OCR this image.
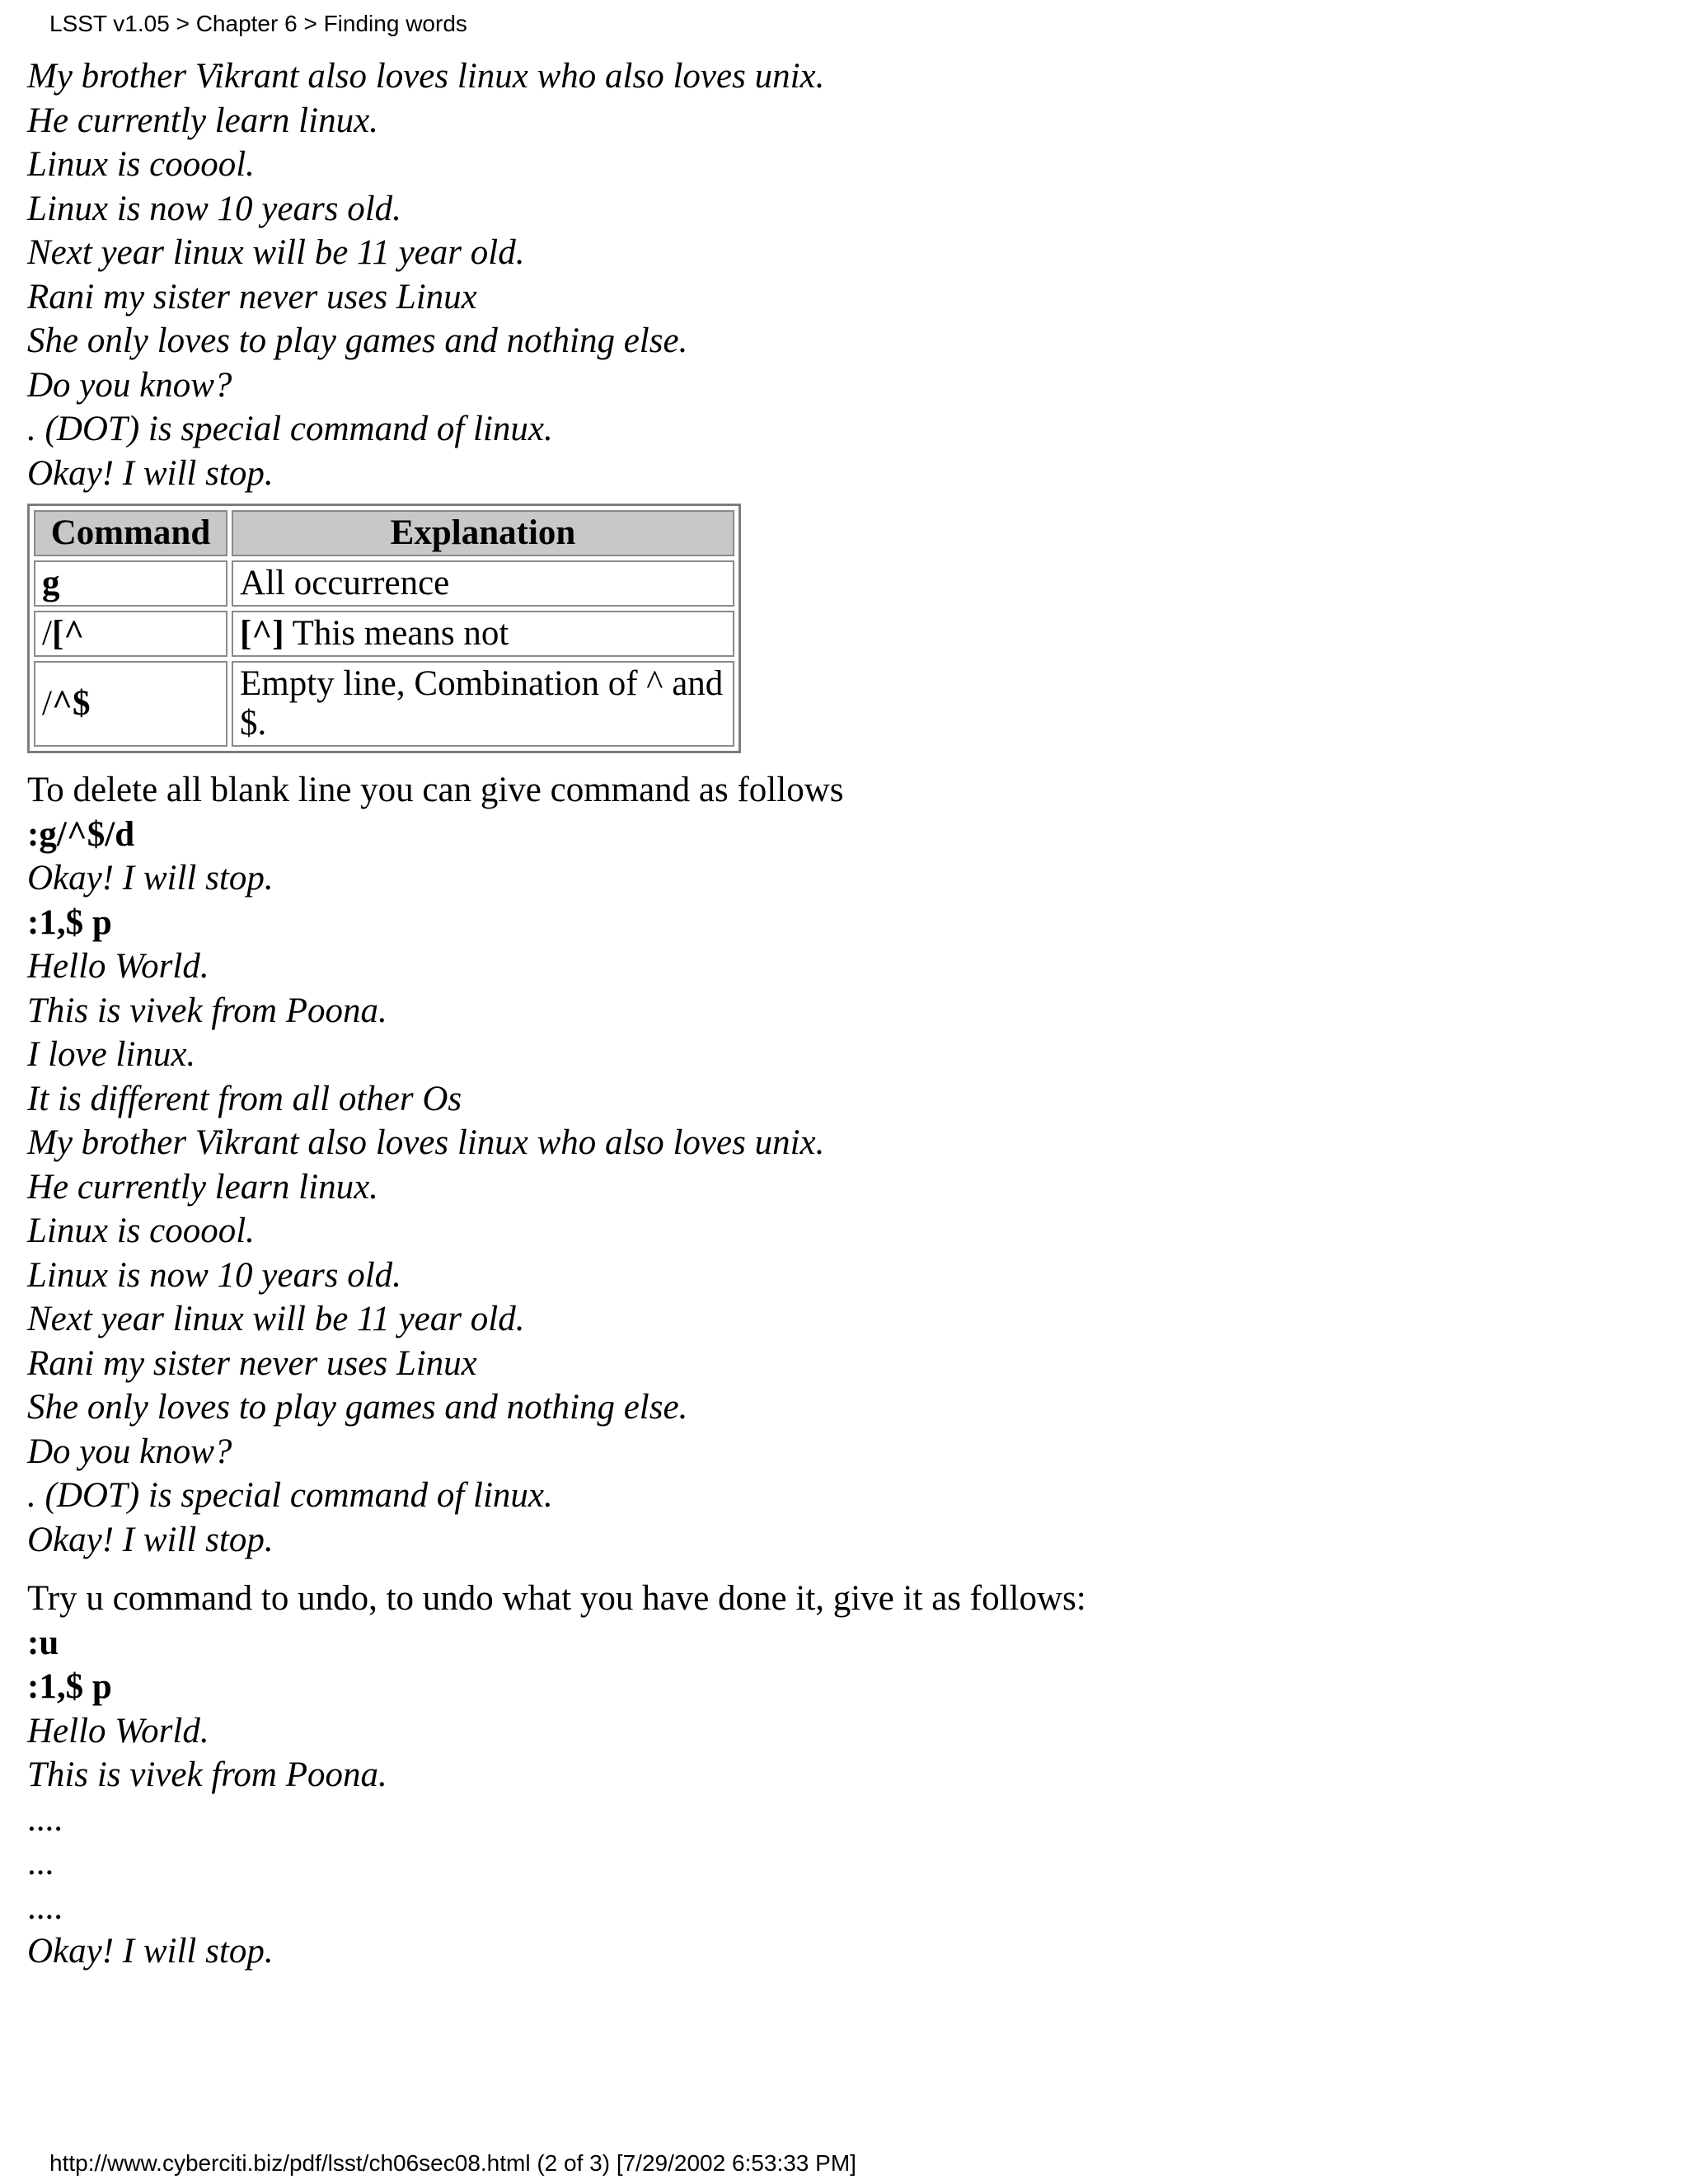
LSST v1.05 > Chapter 6 > Finding words
My brother Vikrant also loves linux who also loves unix.
He currently learn linux.
Linux is cooool.
Linux is now 10 years old.
Next year linux will be 11 year old.
Rani my sister never uses Linux
She only loves to play games and nothing else.
Do you know?
. (DOT) is special command of linux.
Okay! I will stop.
Command	Explanation
g	All occurrence
/[^	[^] This means not
/^$	Empty line, Combination of ^ and $.
To delete all blank line you can give command as follows
:g/^$/d
Okay! I will stop.
:1,$ p
Hello World.
This is vivek from Poona.
I love linux.
It is different from all other Os
My brother Vikrant also loves linux who also loves unix.
He currently learn linux.
Linux is cooool.
Linux is now 10 years old.
Next year linux will be 11 year old.
Rani my sister never uses Linux
She only loves to play games and nothing else.
Do you know?
. (DOT) is special command of linux.
Okay! I will stop.
Try u command to undo, to undo what you have done it, give it as follows:
:u
:1,$ p
Hello World.
This is vivek from Poona.
....
...
....
Okay! I will stop.
http://www.cyberciti.biz/pdf/lsst/ch06sec08.html (2 of 3) [7/29/2002 6:53:33 PM]
